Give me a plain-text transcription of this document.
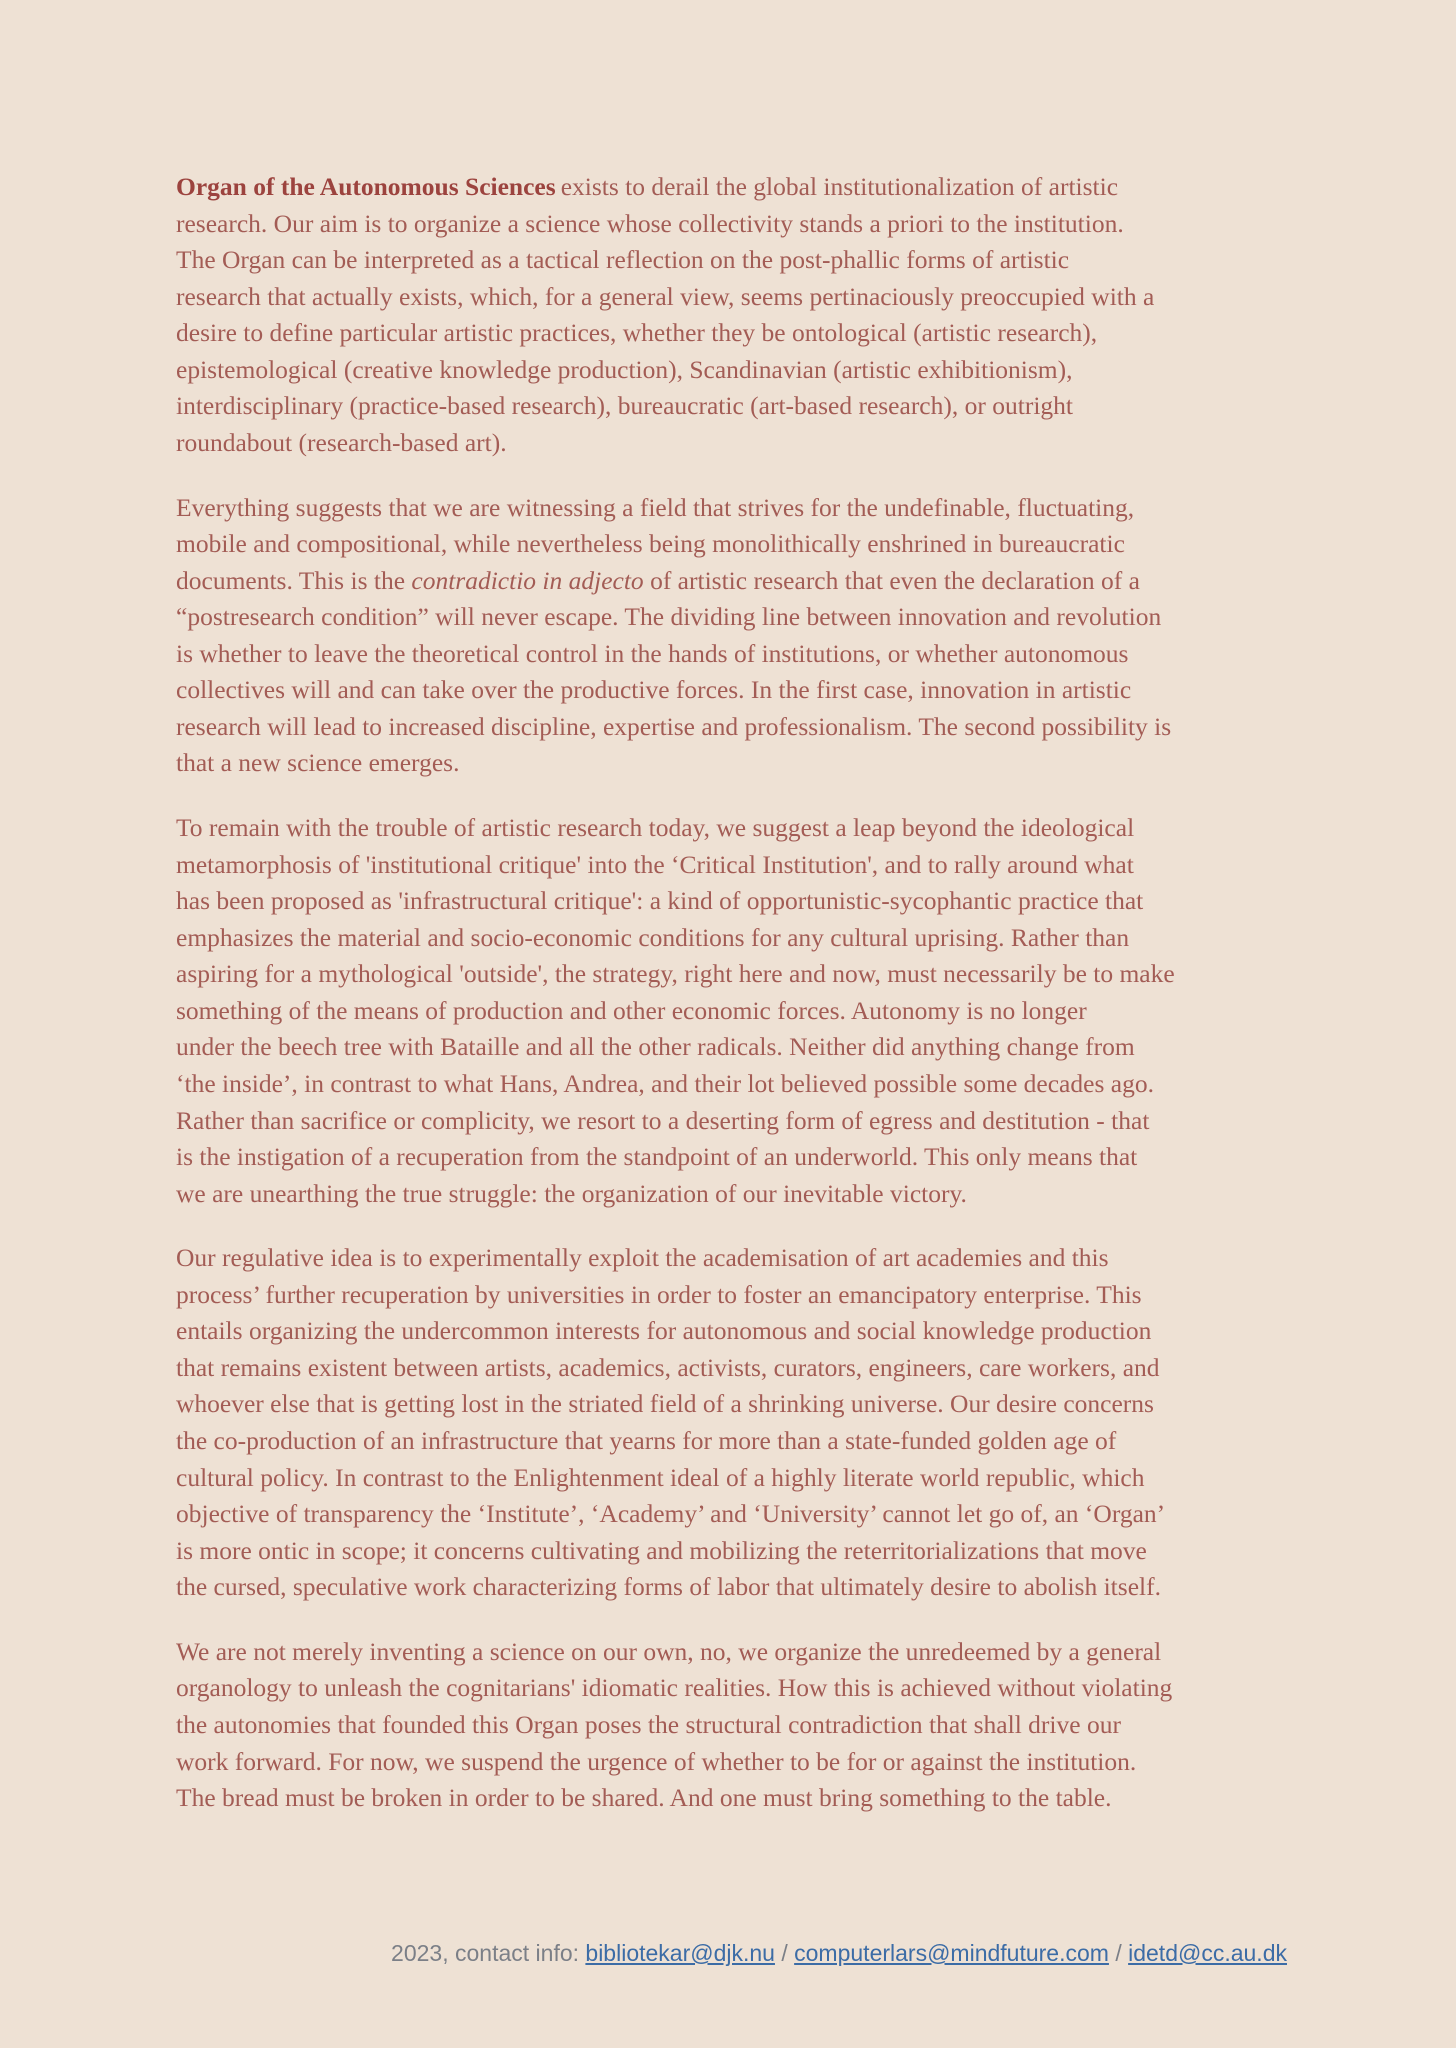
Organ of the Autonomous Sciences exists to derail the global institutionalization of artistic
research. Our aim is to organize a science whose collectivity stands a priori to the institution.
The Organ can be interpreted as a tactical reflection on the post-phallic forms of artistic
research that actually exists, which, for a general view, seems pertinaciously preoccupied with a
desire to define particular artistic practices, whether they be ontological (artistic research),
epistemological (creative knowledge production), Scandinavian (artistic exhibitionism),
interdisciplinary (practice-based research), bureaucratic (art-based research), or outright
roundabout (research-based art).
Everything suggests that we are witnessing a field that strives for the undefinable, fluctuating,
mobile and compositional, while nevertheless being monolithically enshrined in bureaucratic
documents. This is the contradictio in adjecto of artistic research that even the declaration of a
“postresearch condition” will never escape. The dividing line between innovation and revolution
is whether to leave the theoretical control in the hands of institutions, or whether autonomous
collectives will and can take over the productive forces. In the first case, innovation in artistic
research will lead to increased discipline, expertise and professionalism. The second possibility is
that a new science emerges.
To remain with the trouble of artistic research today, we suggest a leap beyond the ideological
metamorphosis of 'institutional critique' into the ‘Critical Institution', and to rally around what
has been proposed as 'infrastructural critique': a kind of opportunistic-sycophantic practice that
emphasizes the material and socio-economic conditions for any cultural uprising. Rather than
aspiring for a mythological 'outside', the strategy, right here and now, must necessarily be to make
something of the means of production and other economic forces. Autonomy is no longer
under the beech tree with Bataille and all the other radicals. Neither did anything change from
‘the inside’, in contrast to what Hans, Andrea, and their lot believed possible some decades ago.
Rather than sacrifice or complicity, we resort to a deserting form of egress and destitution - that
is the instigation of a recuperation from the standpoint of an underworld. This only means that
we are unearthing the true struggle: the organization of our inevitable victory.
Our regulative idea is to experimentally exploit the academisation of art academies and this
process’ further recuperation by universities in order to foster an emancipatory enterprise. This
entails organizing the undercommon interests for autonomous and social knowledge production
that remains existent between artists, academics, activists, curators, engineers, care workers, and
whoever else that is getting lost in the striated field of a shrinking universe. Our desire concerns
the co-production of an infrastructure that yearns for more than a state-funded golden age of
cultural policy. In contrast to the Enlightenment ideal of a highly literate world republic, which
objective of transparency the ‘Institute’, ‘Academy’ and ‘University’ cannot let go of, an ‘Organ’
is more ontic in scope; it concerns cultivating and mobilizing the reterritorializations that move
the cursed, speculative work characterizing forms of labor that ultimately desire to abolish itself.
We are not merely inventing a science on our own, no, we organize the unredeemed by a general
organology to unleash the cognitarians' idiomatic realities. How this is achieved without violating
the autonomies that founded this Organ poses the structural contradiction that shall drive our
work forward. For now, we suspend the urgence of whether to be for or against the institution.
The bread must be broken in order to be shared. And one must bring something to the table.
2023, contact info: bibliotekar@djk.nu / computerlars@mindfuture.com / idetd@cc.au.dk
